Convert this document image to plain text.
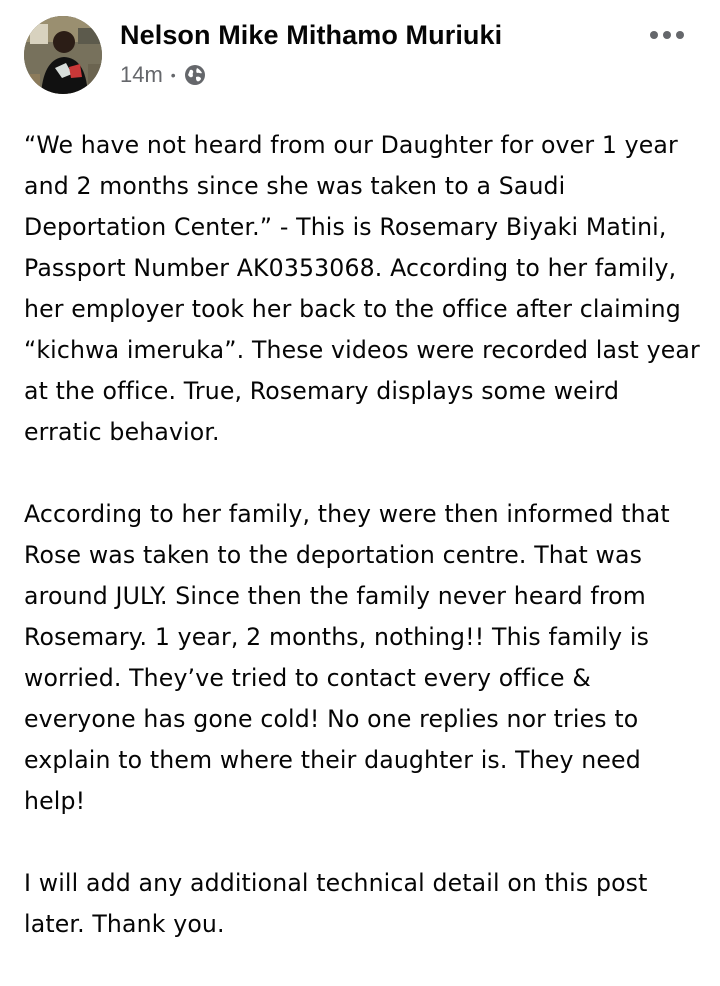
Nelson Mike Mithamo Muriuki
14m •

“We have not heard from our Daughter for over 1 year
and 2 months since she was taken to a Saudi
Deportation Center.” - This is Rosemary Biyaki Matini,
Passport Number AK0353068. According to her family,
her employer took her back to the office after claiming
“kichwa imeruka”. These videos were recorded last year
at the office. True, Rosemary displays some weird
erratic behavior.

According to her family, they were then informed that
Rose was taken to the deportation centre. That was
around JULY. Since then the family never heard from
Rosemary. 1 year, 2 months, nothing!! This family is
worried. They’ve tried to contact every office &
everyone has gone cold! No one replies nor tries to
explain to them where their daughter is. They need
help!

I will add any additional technical detail on this post
later. Thank you.
